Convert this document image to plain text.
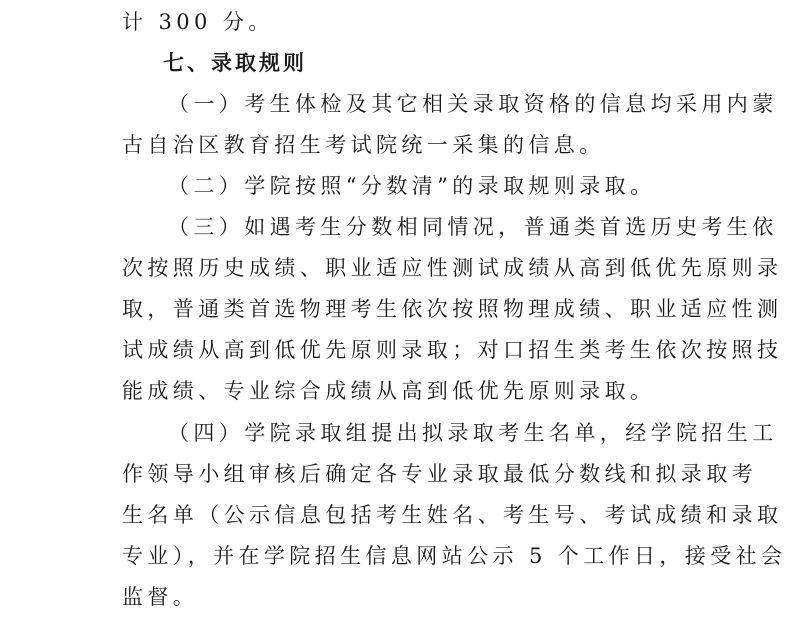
计 300 分。
七、录取规则
（一）考生体检及其它相关录取资格的信息均采用内蒙
古自治区教育招生考试院统一采集的信息。
（二）学院按照“分数清”的录取规则录取。
（三）如遇考生分数相同情况，普通类首选历史考生依
次按照历史成绩、职业适应性测试成绩从高到低优先原则录
取，普通类首选物理考生依次按照物理成绩、职业适应性测
试成绩从高到低优先原则录取；对口招生类考生依次按照技
能成绩、专业综合成绩从高到低优先原则录取。
（四）学院录取组提出拟录取考生名单，经学院招生工
作领导小组审核后确定各专业录取最低分数线和拟录取考
生名单（公示信息包括考生姓名、考生号、考试成绩和录取
专业），并在学院招生信息网站公示 5 个工作日，接受社会
监督。
